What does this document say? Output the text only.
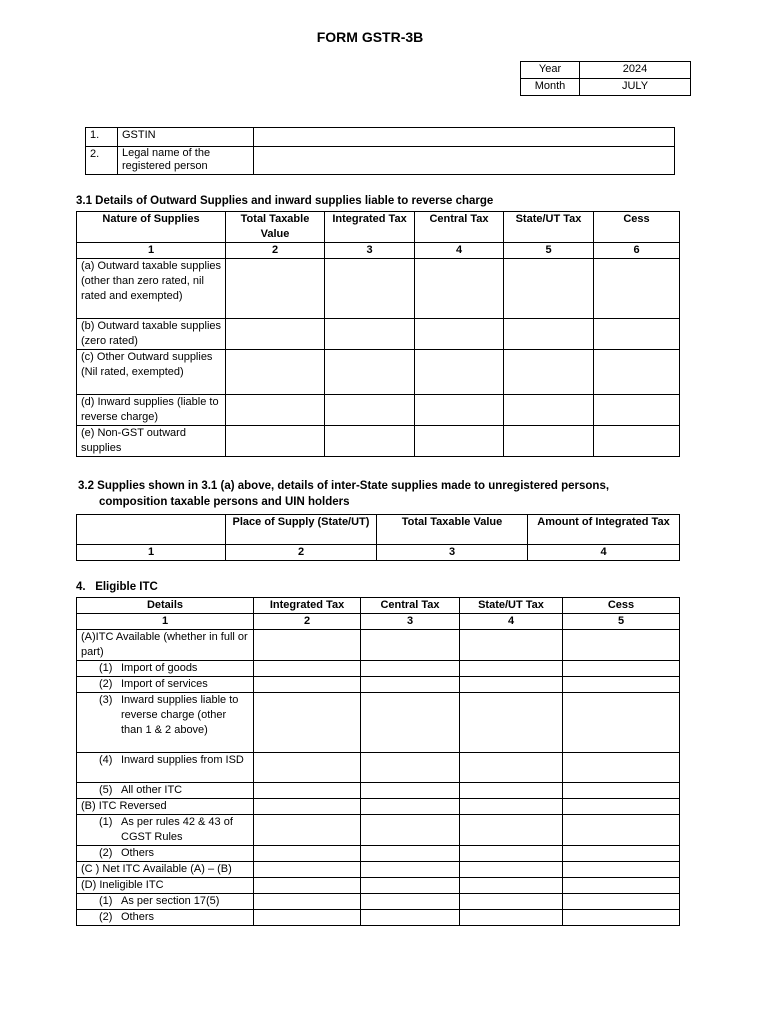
FORM GSTR-3B
Year	2024
Month	JULY
1.	GSTIN	
2.	Legal name of the registered person	
3.1 Details of Outward Supplies and inward supplies liable to reverse charge
Nature of Supplies	Total Taxable Value	Integrated Tax	Central Tax	State/UT Tax	Cess
1	2	3	4	5	6
(a) Outward taxable supplies (other than zero rated, nil rated and exempted)					
(b) Outward taxable supplies (zero rated)					
(c) Other Outward supplies (Nil rated, exempted)					
(d) Inward supplies (liable to reverse charge)					
(e) Non-GST outward supplies					
3.2 Supplies shown in 3.1 (a) above, details of inter-State supplies made to unregistered persons,
composition taxable persons and UIN holders
	Place of Supply (State/UT)	Total Taxable Value	Amount of Integrated Tax
1	2	3	4
4. Eligible ITC
Details	Integrated Tax	Central Tax	State/UT Tax	Cess
1	2	3	4	5
(A)ITC Available (whether in full or part)				
(1) Import of goods				
(2) Import of services				

(3) Inward supplies liable to reverse charge (other than 1 & 2 above)				

(4) Inward supplies from ISD				

(5) All other ITC				
(B) ITC Reversed				

(1) As per rules 42 & 43 of CGST Rules				

(2) Others				
(C ) Net ITC Available (A) – (B)				
(D) Ineligible ITC				
(1) As per section 17(5)				
(2) Others				
